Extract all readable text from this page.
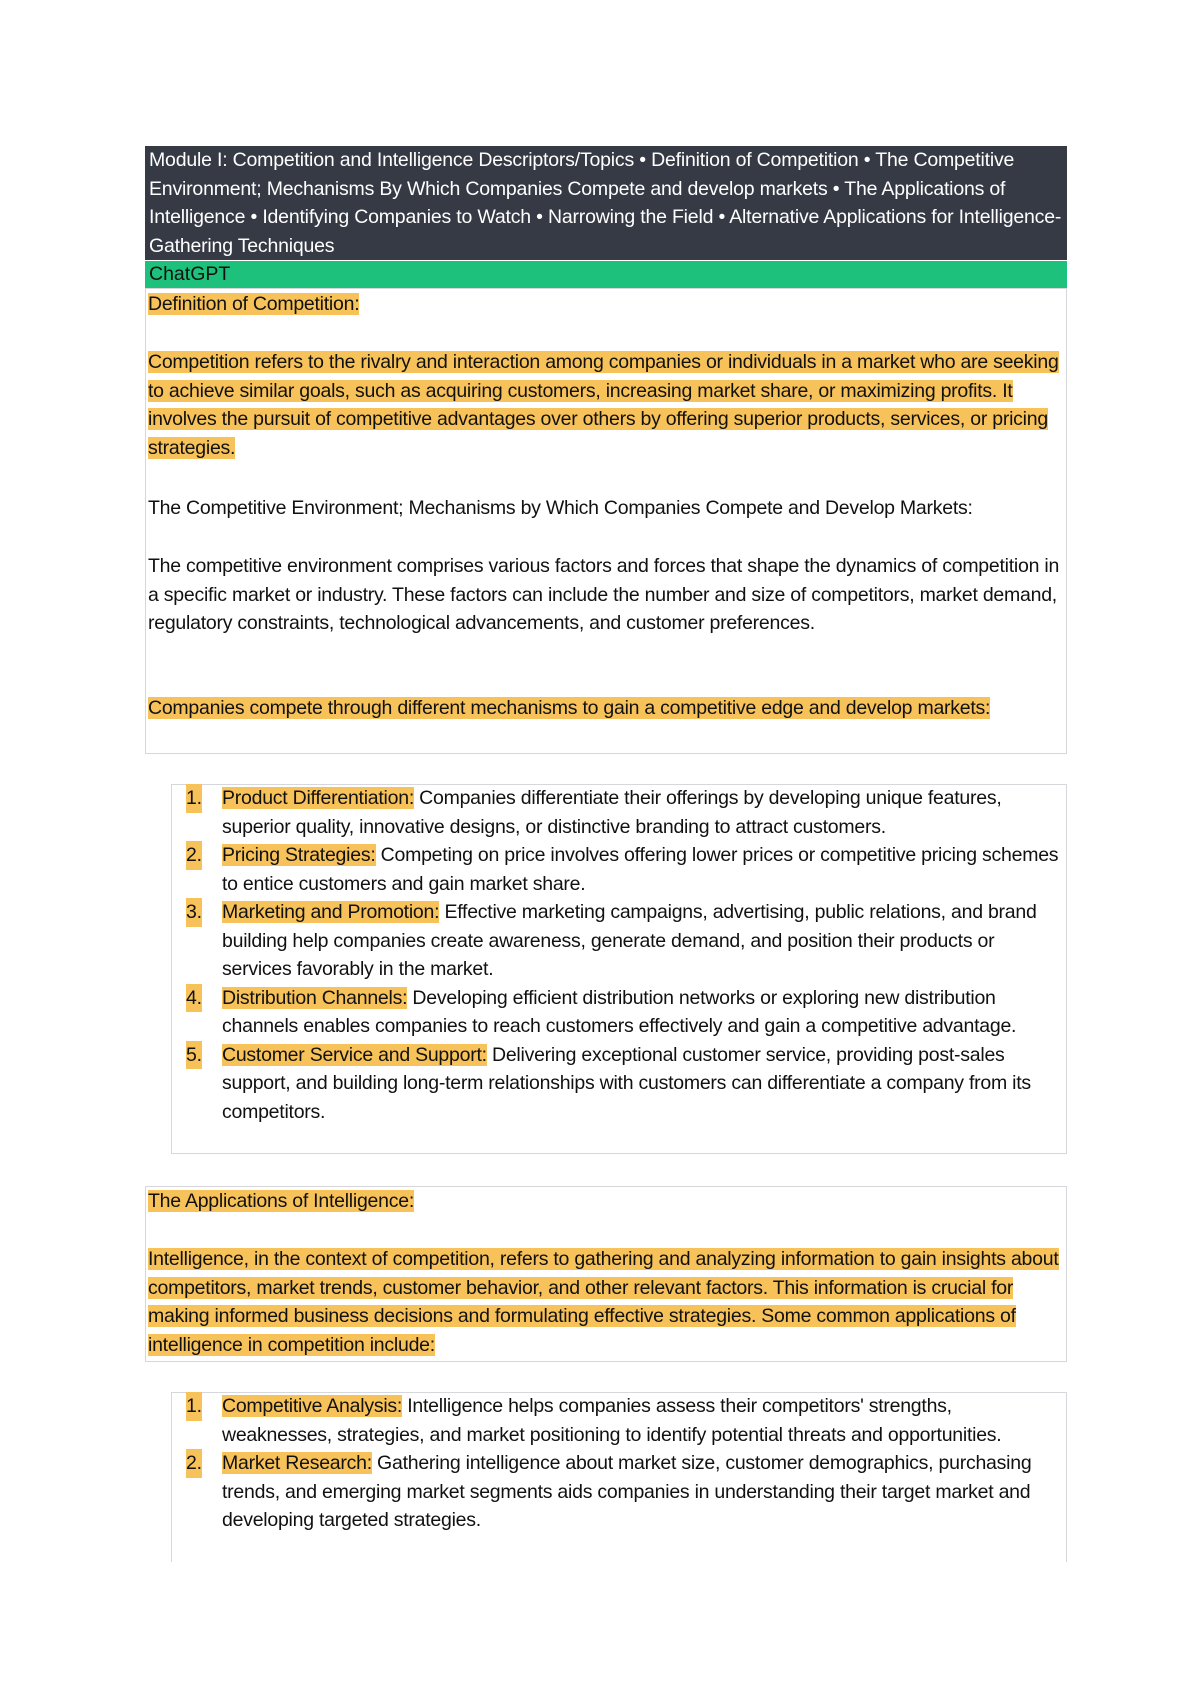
Module I: Competition and Intelligence Descriptors/Topics • Definition of Competition • The Competitive Environment; Mechanisms By Which Companies Compete and develop markets • The Applications of Intelligence • Identifying Companies to Watch • Narrowing the Field • Alternative Applications for Intelligence-Gathering Techniques
ChatGPT
Definition of Competition:
Competition refers to the rivalry and interaction among companies or individuals in a market who are seeking to achieve similar goals, such as acquiring customers, increasing market share, or maximizing profits. It involves the pursuit of competitive advantages over others by offering superior products, services, or pricing strategies.
The Competitive Environment; Mechanisms by Which Companies Compete and Develop Markets:
The competitive environment comprises various factors and forces that shape the dynamics of competition in a specific market or industry. These factors can include the number and size of competitors, market demand, regulatory constraints, technological advancements, and customer preferences.
Companies compete through different mechanisms to gain a competitive edge and develop markets:
1. Product Differentiation: Companies differentiate their offerings by developing unique features, superior quality, innovative designs, or distinctive branding to attract customers.
2. Pricing Strategies: Competing on price involves offering lower prices or competitive pricing schemes to entice customers and gain market share.
3. Marketing and Promotion: Effective marketing campaigns, advertising, public relations, and brand building help companies create awareness, generate demand, and position their products or services favorably in the market.
4. Distribution Channels: Developing efficient distribution networks or exploring new distribution channels enables companies to reach customers effectively and gain a competitive advantage.
5. Customer Service and Support: Delivering exceptional customer service, providing post-sales support, and building long-term relationships with customers can differentiate a company from its competitors.
The Applications of Intelligence:
Intelligence, in the context of competition, refers to gathering and analyzing information to gain insights about competitors, market trends, customer behavior, and other relevant factors. This information is crucial for making informed business decisions and formulating effective strategies. Some common applications of intelligence in competition include:
1. Competitive Analysis: Intelligence helps companies assess their competitors' strengths, weaknesses, strategies, and market positioning to identify potential threats and opportunities.
2. Market Research: Gathering intelligence about market size, customer demographics, purchasing trends, and emerging market segments aids companies in understanding their target market and developing targeted strategies.
